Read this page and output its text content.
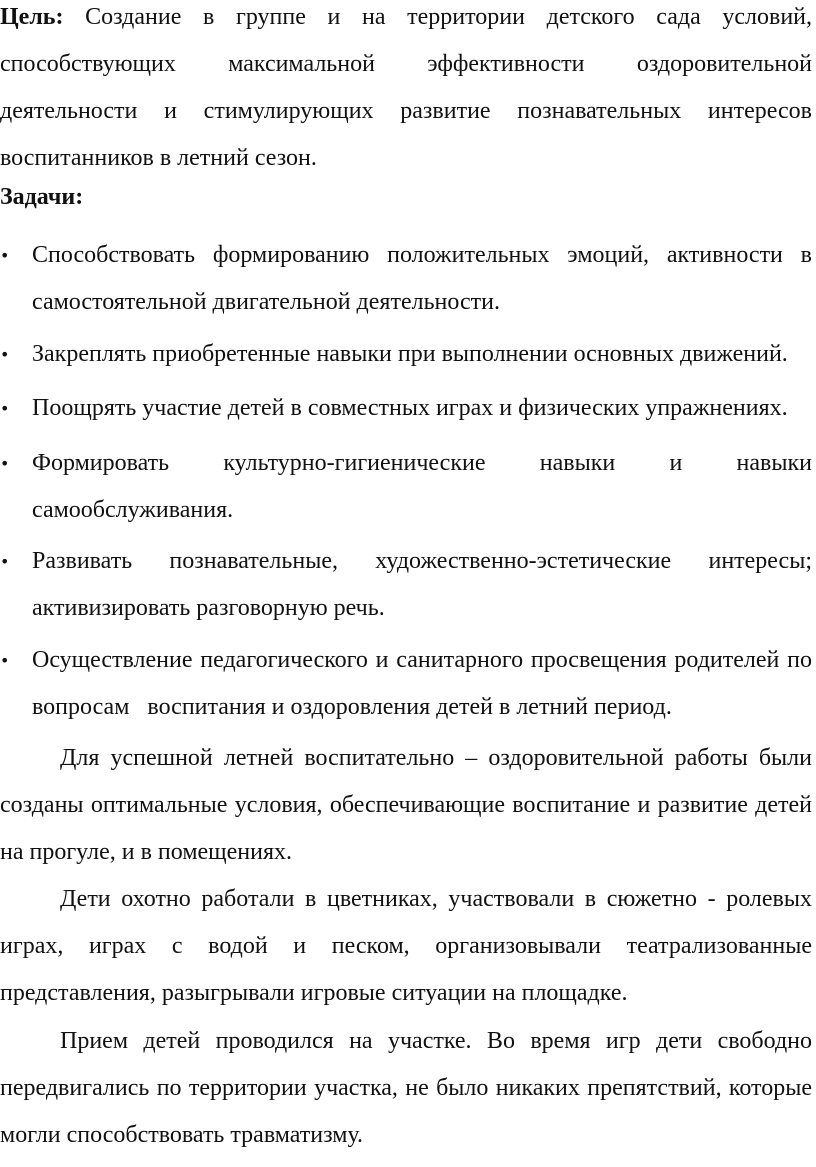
Цель: Создание в группе и на территории детского сада условий,
способствующих максимальной эффективности оздоровительной
деятельности и стимулирующих развитие познавательных интересов
воспитанников в летний сезон.
Задачи:
• Способствовать формированию положительных эмоций, активности в
самостоятельной двигательной деятельности.
• Закреплять приобретенные навыки при выполнении основных движений.
• Поощрять участие детей в совместных играх и физических упражнениях.
• Формировать культурно-гигиенические навыки и навыки
самообслуживания.
• Развивать познавательные, художественно-эстетические интересы;
активизировать разговорную речь.
• Осуществление педагогического и санитарного просвещения родителей по
вопросам   воспитания и оздоровления детей в летний период.
Для успешной летней воспитательно – оздоровительной работы были
созданы оптимальные условия, обеспечивающие воспитание и развитие детей
на прогуле, и в помещениях.
Дети охотно работали в цветниках, участвовали в сюжетно - ролевых
играх, играх с водой и песком, организовывали театрализованные
представления, разыгрывали игровые ситуации на площадке.
Прием детей проводился на участке. Во время игр дети свободно
передвигались по территории участка, не было никаких препятствий, которые
могли способствовать травматизму.
